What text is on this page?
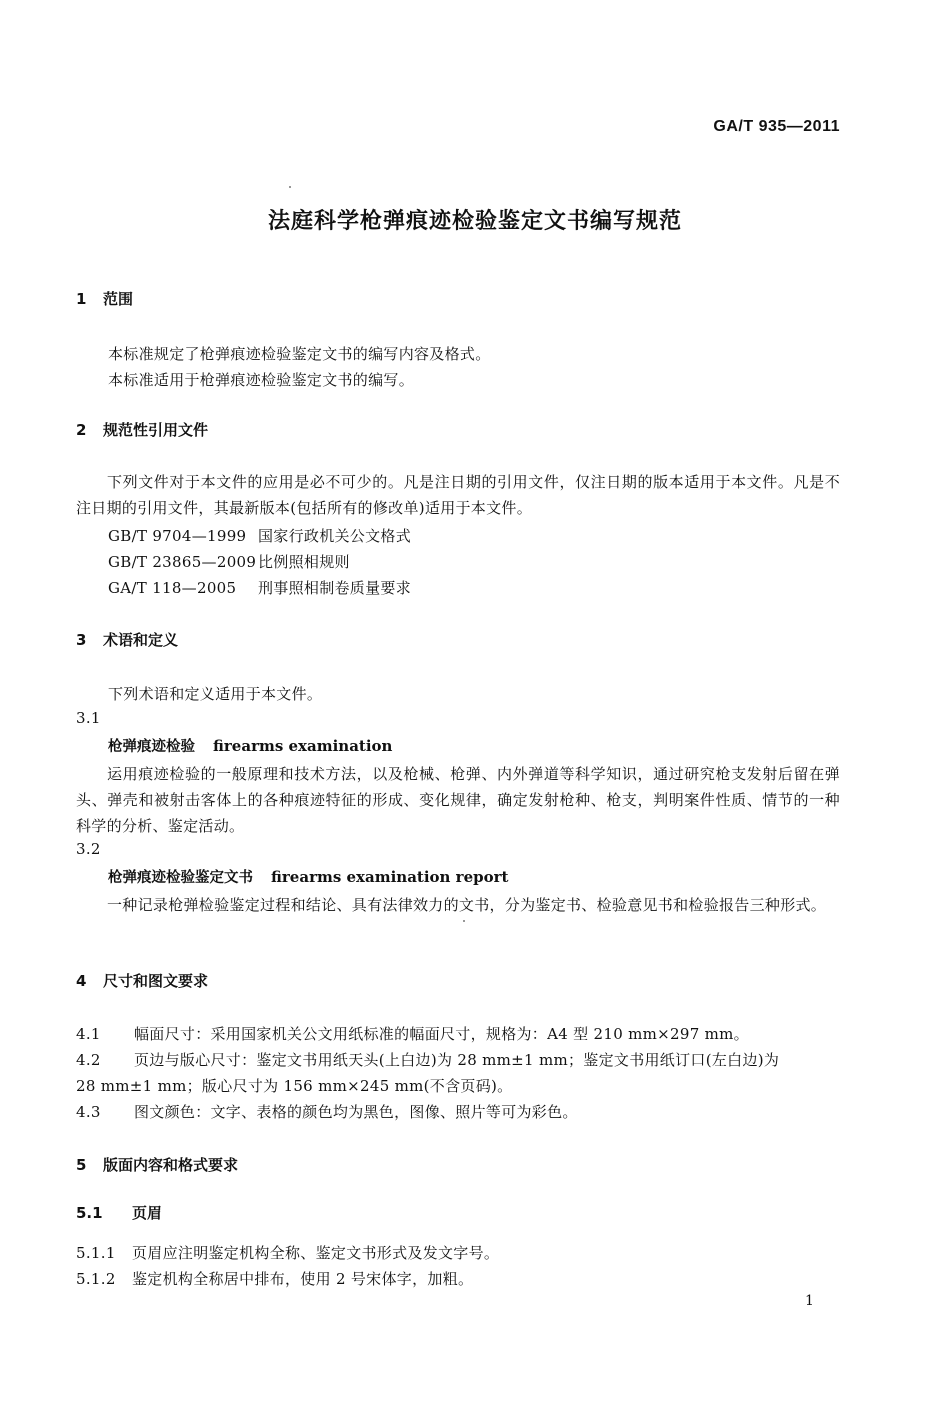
GA/T 935—2011
法庭科学枪弹痕迹检验鉴定文书编写规范
1 范围
本标准规定了枪弹痕迹检验鉴定文书的编写内容及格式。
本标准适用于枪弹痕迹检验鉴定文书的编写。
2 规范性引用文件
下列文件对于本文件的应用是必不可少的。凡是注日期的引用文件，仅注日期的版本适用于本文件。凡是不注日期的引用文件，其最新版本(包括所有的修改单)适用于本文件。
GB/T 9704—1999 国家行政机关公文格式
GB/T 23865—2009 比例照相规则
GA/T 118—2005 刑事照相制卷质量要求
3 术语和定义
下列术语和定义适用于本文件。
3.1
枪弹痕迹检验 firearms examination
运用痕迹检验的一般原理和技术方法，以及枪械、枪弹、内外弹道等科学知识，通过研究枪支发射后留在弹头、弹壳和被射击客体上的各种痕迹特征的形成、变化规律，确定发射枪种、枪支，判明案件性质、情节的一种科学的分析、鉴定活动。
3.2
枪弹痕迹检验鉴定文书 firearms examination report
一种记录枪弹检验鉴定过程和结论、具有法律效力的文书，分为鉴定书、检验意见书和检验报告三种形式。
4 尺寸和图文要求
4.1 幅面尺寸：采用国家机关公文用纸标准的幅面尺寸，规格为：A4 型 210 mm×297 mm。
4.2 页边与版心尺寸：鉴定文书用纸天头(上白边)为 28 mm±1 mm；鉴定文书用纸订口(左白边)为
28 mm±1 mm；版心尺寸为 156 mm×245 mm(不含页码)。
4.3 图文颜色：文字、表格的颜色均为黑色，图像、照片等可为彩色。
5 版面内容和格式要求
5.1 页眉
5.1.1 页眉应注明鉴定机构全称、鉴定文书形式及发文字号。
5.1.2 鉴定机构全称居中排布，使用 2 号宋体字，加粗。
1
